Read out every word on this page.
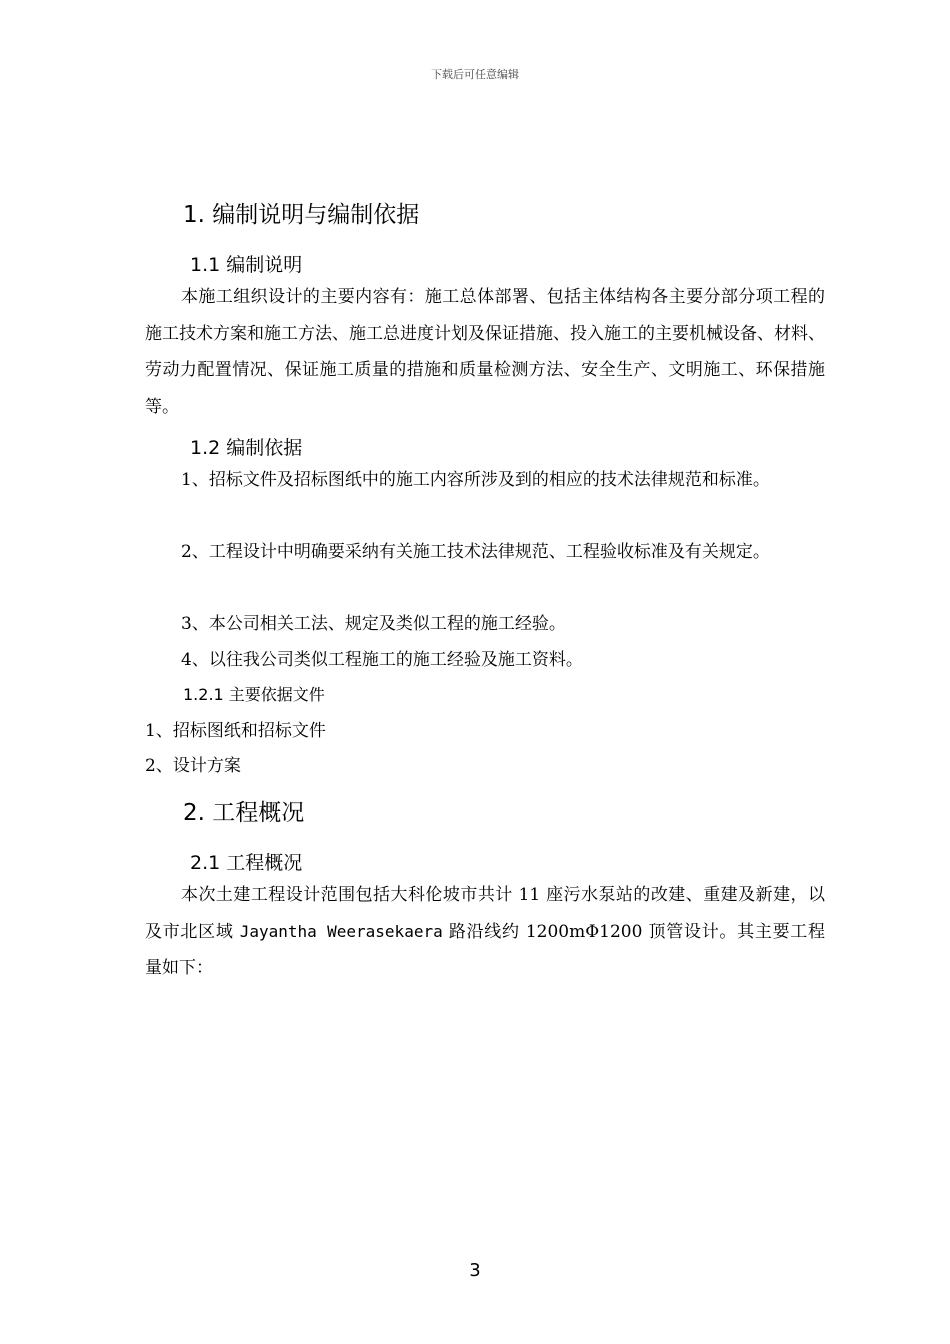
下载后可任意编辑
1. 编制说明与编制依据
1.1 编制说明

本施工组织设计的主要内容有：施工总体部署、包括主体结构各主要分部分项工程的施工技术方案和施工方法、施工总进度计划及保证措施、投入施工的主要机械设备、材料、劳动力配置情况、保证施工质量的措施和质量检测方法、安全生产、文明施工、环保措施等。

1.2 编制依据

1、招标文件及招标图纸中的施工内容所涉及到的相应的技术法律规范和标准。

2、工程设计中明确要采纳有关施工技术法律规范、工程验收标准及有关规定。

3、本公司相关工法、规定及类似工程的施工经验。

4、以往我公司类似工程施工的施工经验及施工资料。

1.2.1 主要依据文件
1、招标图纸和招标文件
2、设计方案
2. 工程概况
2.1 工程概况

本次土建工程设计范围包括大科伦坡市共计 11 座污水泵站的改建、重建及新建，以及市北区域 Jayantha Weerasekaera 路沿线约 1200mΦ1200 顶管设计。其主要工程量如下：

3
